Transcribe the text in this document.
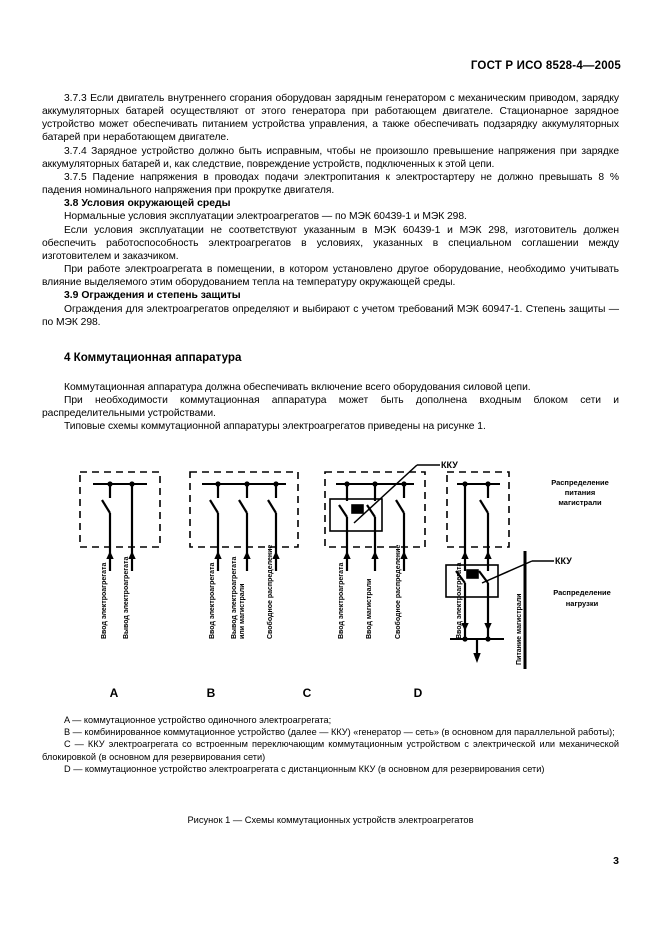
ГОСТ Р ИСО 8528-4—2005

3.7.3 Если двигатель внутреннего сгорания оборудован зарядным генератором с механическим приводом, зарядку аккумуляторных батарей осуществляют от этого генератора при работающем двигателе. Стационарное зарядное устройство может обеспечивать питанием устройства управления, а также обеспечивать подзарядку аккумуляторных батарей при неработающем двигателе.

3.7.4 Зарядное устройство должно быть исправным, чтобы не произошло превышение напряжения при зарядке аккумуляторных батарей и, как следствие, повреждение устройств, подключенных к этой цепи.

3.7.5 Падение напряжения в проводах подачи электропитания к электростартеру не должно превышать 8 % падения номинального напряжения при прокрутке двигателя.

3.8 Условия окружающей среды

Нормальные условия эксплуатации электроагрегатов — по МЭК 60439-1 и МЭК 298.

Если условия эксплуатации не соответствуют указанным в МЭК 60439-1 и МЭК 298, изготовитель должен обеспечить работоспособность электроагрегатов в условиях, указанных в специальном соглашении между изготовителем и заказчиком.

При работе электроагрегата в помещении, в котором установлено другое оборудование, необходимо учитывать влияние выделяемого этим оборудованием тепла на температуру окружающей среды.

3.9 Ограждения и степень защиты

Ограждения для электроагрегатов определяют и выбирают с учетом требований МЭК 60947-1. Степень защиты — по МЭК 298.

4 Коммутационная аппаратура

Коммутационная аппаратура должна обеспечивать включение всего оборудования силовой цепи.

При необходимости коммутационная аппаратура может быть дополнена входным блоком сети и распределительными устройствами.

Типовые схемы коммутационной аппаратуры электроагрегатов приведены на рисунке 1.

Ввод электроагрегата Вывод электроагрегата	Ввод электроагрегата Вывод электроагрегата или магистрали	Свободное распределение	Ввод электроагрегата	Ввод магистрали	Свободное распределение	Ввод электроагрегата	Питание магистрали
ККУ
ККУ
Распределение
питания
магистрали
Распределение
нагрузки
A	B	C	D

A — коммутационное устройство одиночного электроагрегата;

B — комбинированное коммутационное устройство (далее — ККУ) «генератор — сеть» (в основном для параллельной работы);

C — ККУ электроагрегата со встроенным переключающим коммутационным устройством с электрической или механической блокировкой (в основном для резервирования сети)

D — коммутационное устройство электроагрегата с дистанционным ККУ (в основном для резервирования сети)

Рисунок 1 — Схемы коммутационных устройств электроагрегатов
3
